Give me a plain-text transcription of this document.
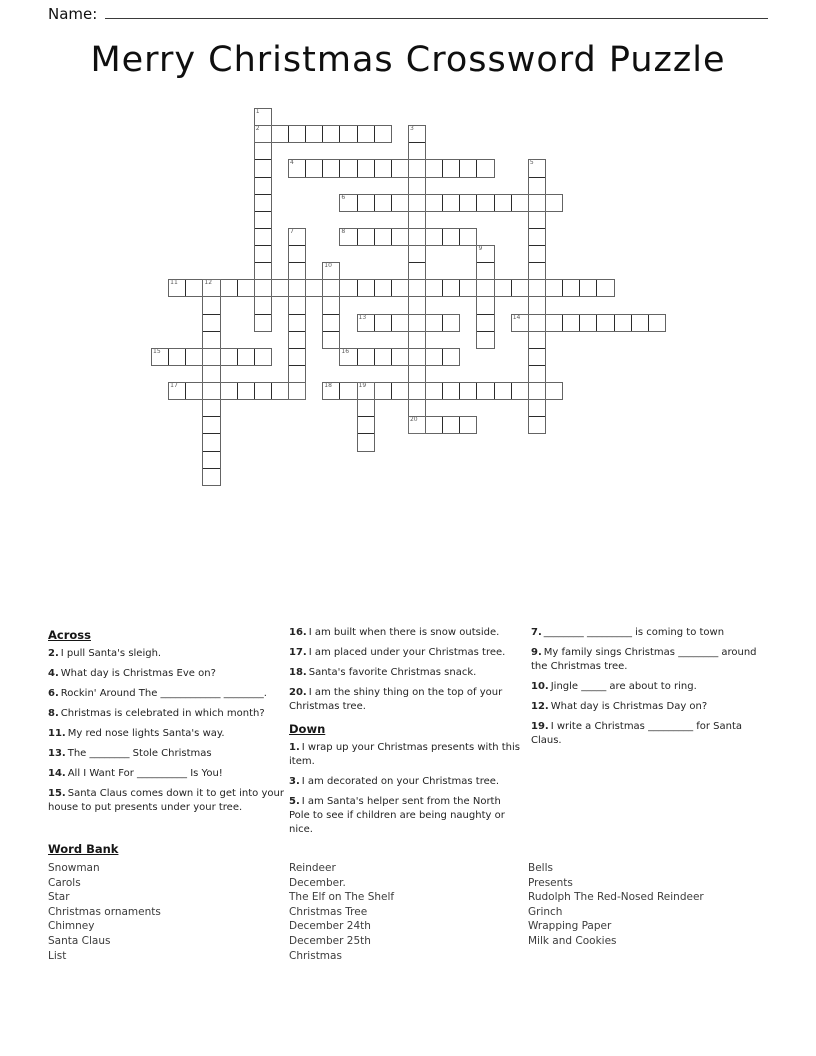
Name:
Merry Christmas Crossword Puzzle
1
2	3
20
4	5
6
7	8
9
10
11	12
13	14
15	16
17	18	19
Across
2. I pull Santa's sleigh.
4. What day is Christmas Eve on?
6. Rockin' Around The ____________ ________.
8. Christmas is celebrated in which month?
11. My red nose lights Santa's way.
13. The ________ Stole Christmas
14. All I Want For __________ Is You!
15. Santa Claus comes down it to get into your house to put presents under your tree.
16. I am built when there is snow outside.
17. I am placed under your Christmas tree.
18. Santa's favorite Christmas snack.
20. I am the shiny thing on the top of your Christmas tree.
Down
1. I wrap up your Christmas presents with this item.
3. I am decorated on your Christmas tree.
5. I am Santa's helper sent from the North Pole to see if children are being naughty or nice.
7. ________ _________ is coming to town
9. My family sings Christmas ________ around the Christmas tree.
10. Jingle _____ are about to ring.
12. What day is Christmas Day on?
19. I write a Christmas _________ for Santa Claus.
Word Bank
Snowman
Carols
Star
Christmas ornaments
Chimney
Santa Claus
List
Reindeer
December.
The Elf on The Shelf
Christmas Tree
December 24th
December 25th
Christmas
Bells
Presents
Rudolph The Red-Nosed Reindeer
Grinch
Wrapping Paper
Milk and Cookies
